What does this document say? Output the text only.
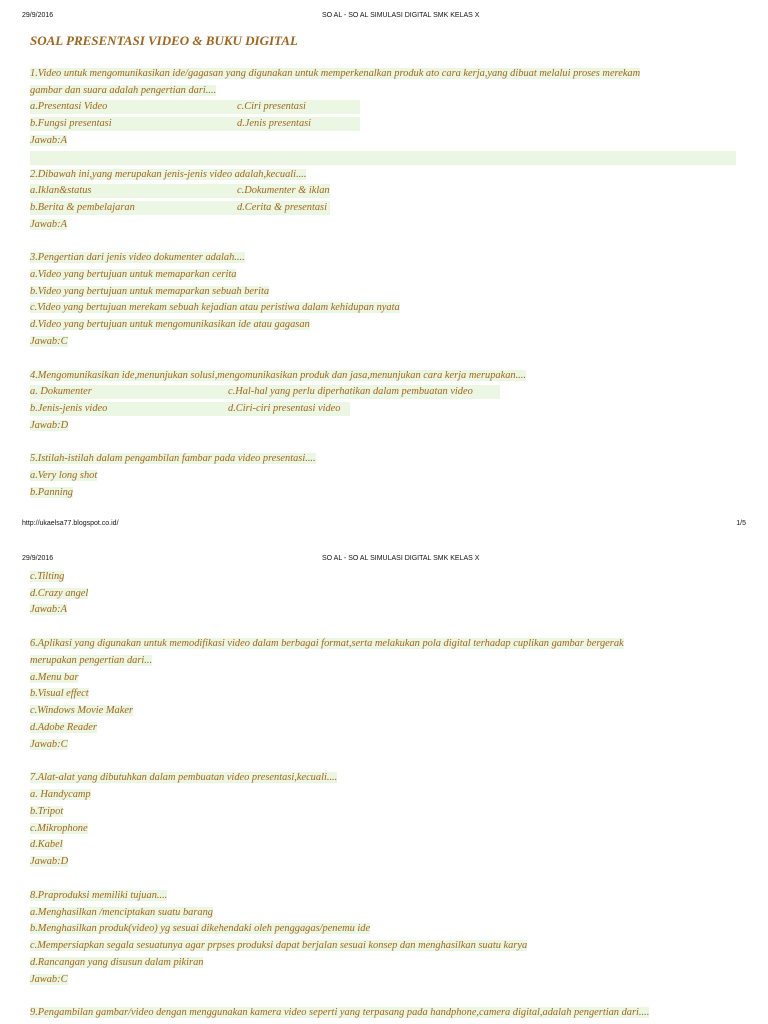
29/9/2016	SO AL - SO AL SIMULASI DIGITAL SMK KELAS X
SOAL PRESENTASI VIDEO & BUKU DIGITAL
1.Video untuk mengomunikasikan ide/gagasan yang digunakan untuk memperkenalkan produk ato cara kerja,yang dibuat melalui proses merekam
gambar dan suara adalah pengertian dari....
a.Presentasi Video	c.Ciri presentasi
b.Fungsi presentasi	d.Jenis presentasi
Jawab:A
2.Dibawah ini,yang merupakan jenis-jenis video adalah,kecuali....
a.Iklan&status	c.Dokumenter & iklan
b.Berita & pembelajaran	d.Cerita & presentasi
Jawab:A
3.Pengertian dari jenis video dokumenter adalah....
a.Video yang bertujuan untuk memaparkan cerita
b.Video yang bertujuan untuk memaparkan sebuah berita
c.Video yang bertujuan merekam sebuah kejadian atau peristiwa dalam kehidupan nyata
d.Video yang bertujuan untuk mengomunikasikan ide atau gagasan
Jawab:C
4.Mengomunikasikan ide,menunjukan solusi,mengomunikasikan produk dan jasa,menunjukan cara kerja merupakan....
a. Dokumenter	c.Hal-hal yang perlu diperhatikan dalam pembuatan video
b.Jenis-jenis video	d.Ciri-ciri presentasi video
Jawab:D
5.Istilah-istilah dalam pengambilan fambar pada video presentasi....
a.Very long shot
b.Panning
http://ukaelsa77.blogspot.co.id/	1/5
29/9/2016	SO AL - SO AL SIMULASI DIGITAL SMK KELAS X
c.Tilting
d.Crazy angel
Jawab:A
6.Aplikasi yang digunakan untuk memodifikasi video dalam berbagai format,serta melakukan pola digital terhadap cuplikan gambar bergerak
merupakan pengertian dari...
a.Menu bar
b.Visual effect
c.Windows Movie Maker
d.Adobe Reader
Jawab:C
7.Alat-alat yang dibutuhkan dalam pembuatan video presentasi,kecuali....
a. Handycamp
b.Tripot
c.Mikrophone
d.Kabel
Jawab:D
8.Praproduksi memiliki tujuan....
a.Menghasilkan /menciptakan suatu barang
b.Menghasilkan produk(video) yg sesuai dikehendaki oleh penggagas/penemu ide
c.Mempersiapkan segala sesuatunya agar prpses produksi dapat berjalan sesuai konsep dan menghasilkan suatu karya
d.Rancangan yang disusun dalam pikiran
Jawab:C
9.Pengambilan gambar/video dengan menggunakan kamera video seperti yang terpasang pada handphone,camera digital,adalah pengertian dari....
